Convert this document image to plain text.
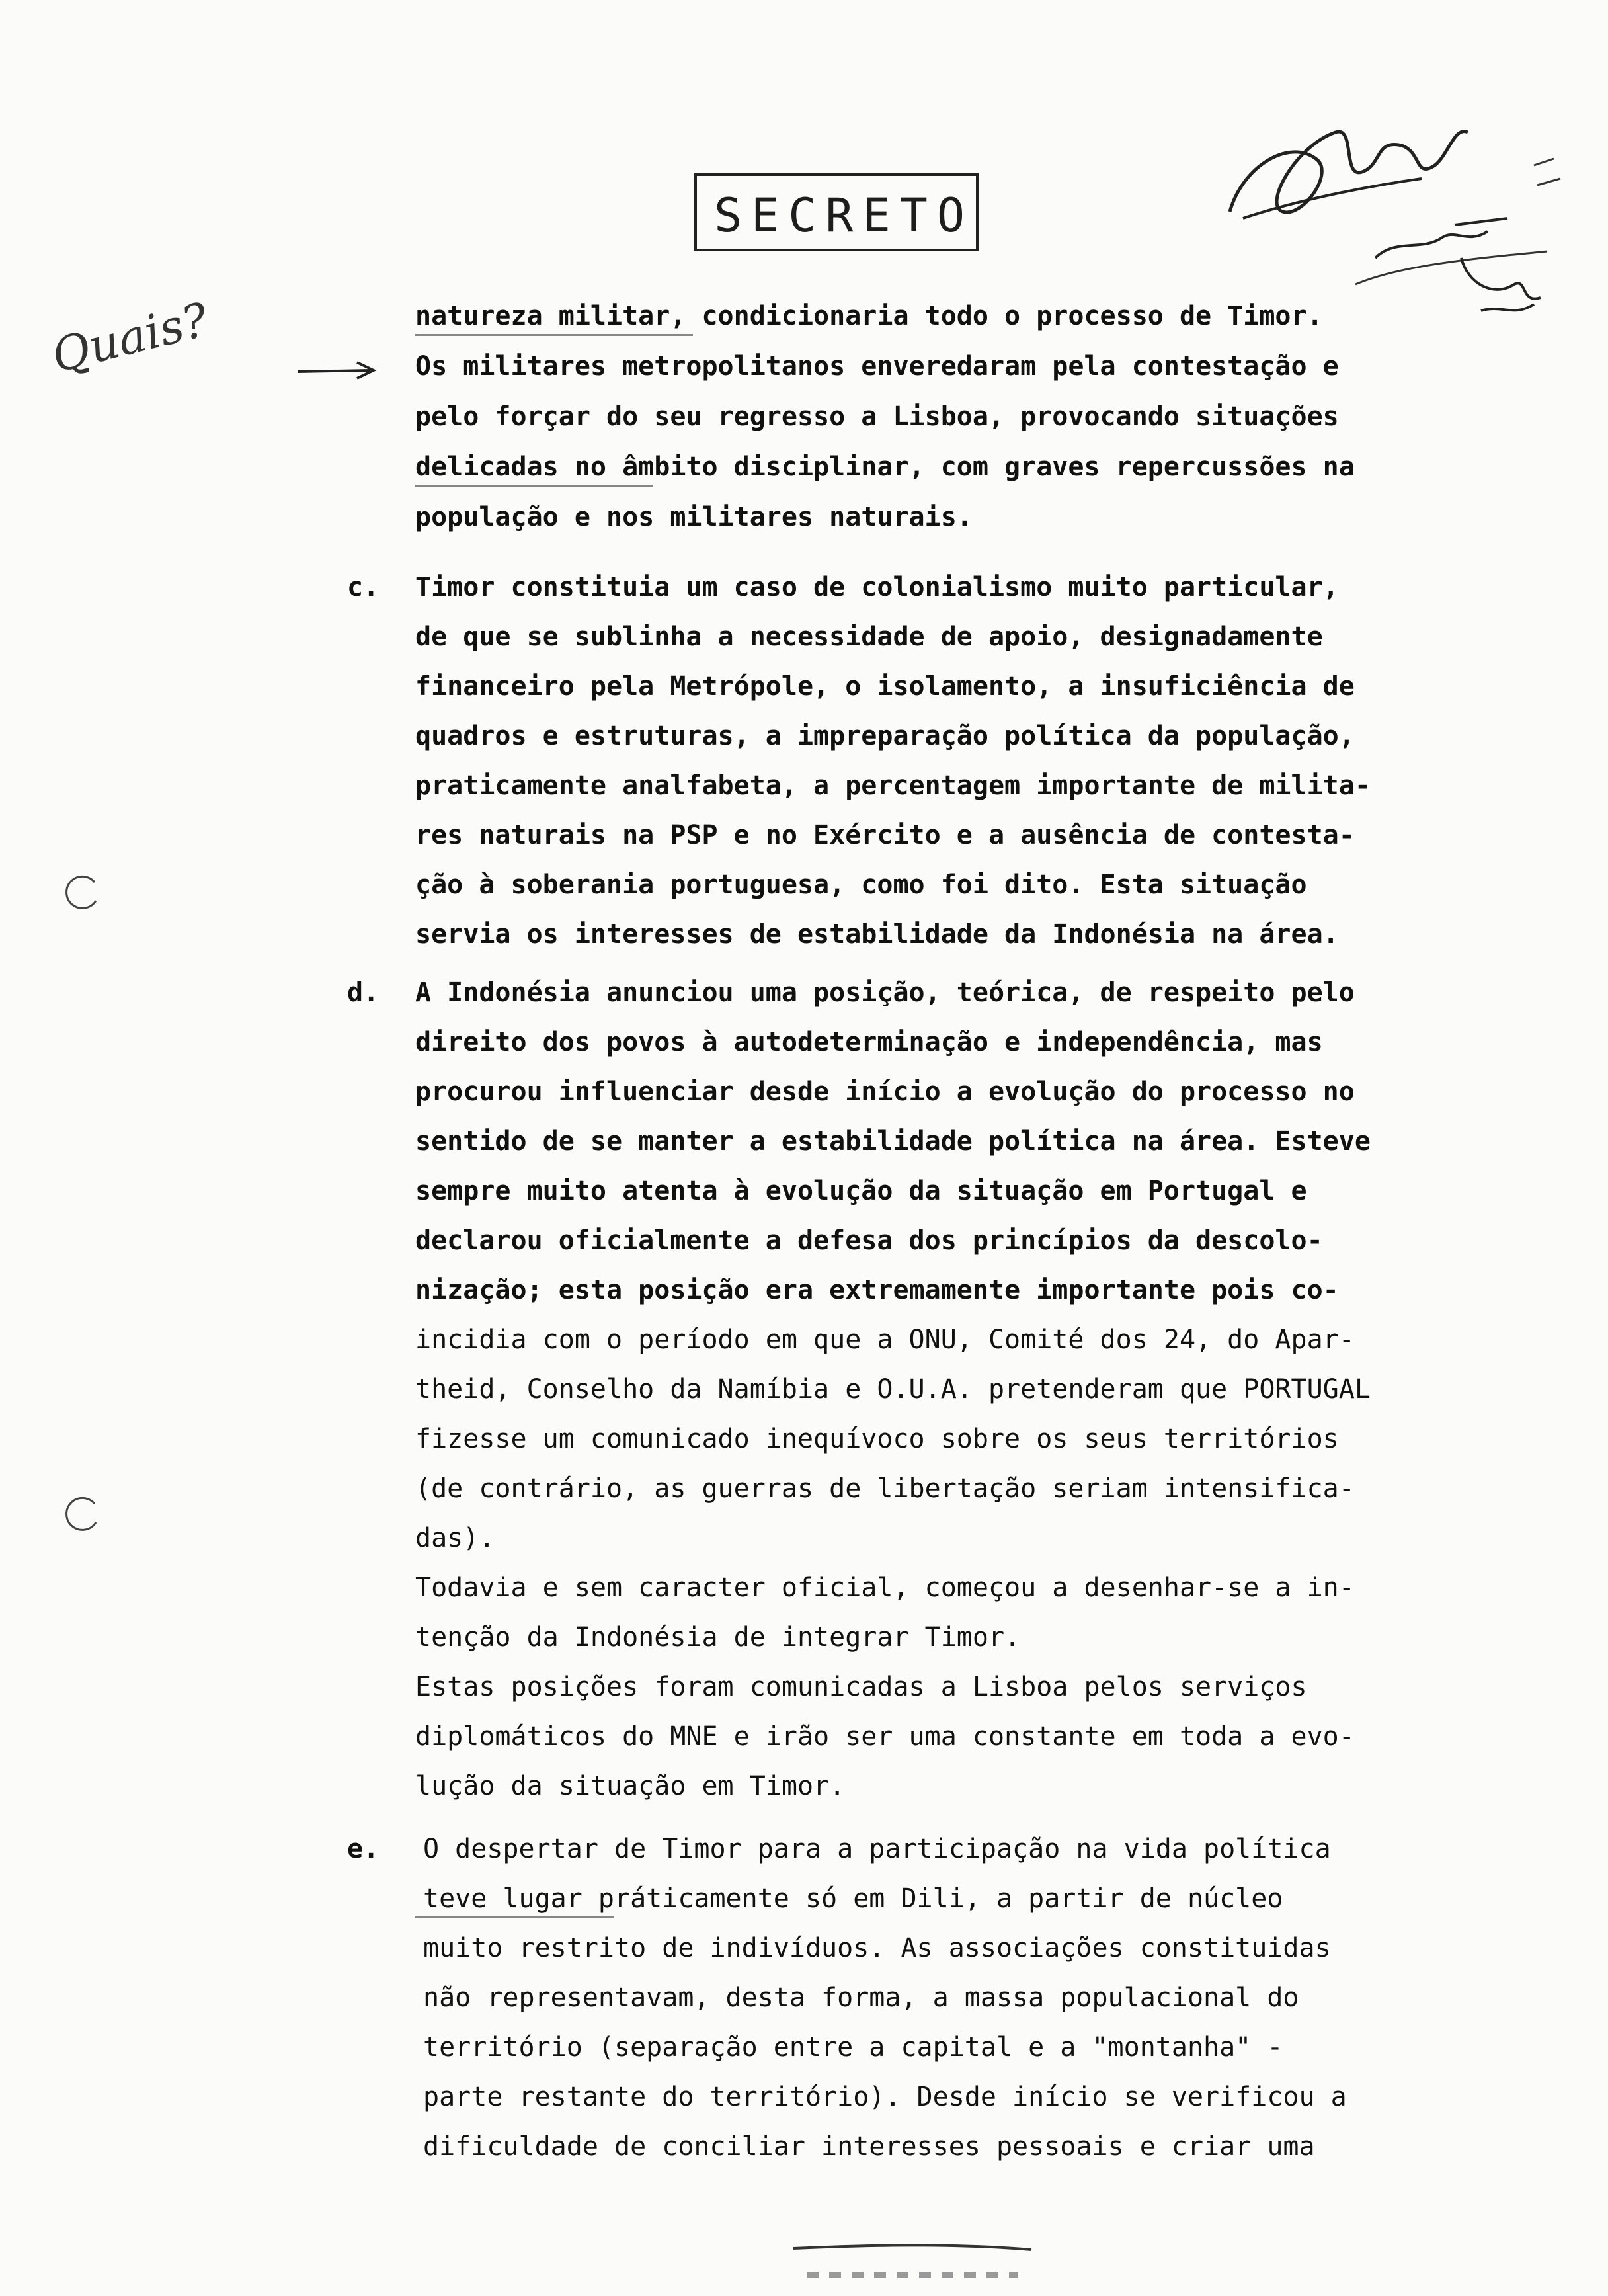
SECRETO
Quais?	natureza militar, condicionaria todo o processo de Timor.
Os militares metropolitanos enveredaram pela contestação e
pelo forçar do seu regresso a Lisboa, provocando situações
delicadas no âmbito disciplinar, com graves repercussões na
população e nos militares naturais.
c. Timor constituia um caso de colonialismo muito particular,
de que se sublinha a necessidade de apoio, designadamente
financeiro pela Metrópole, o isolamento, a insuficiência de
quadros e estruturas, a impreparação política da população,
praticamente analfabeta, a percentagem importante de milita-
res naturais na PSP e no Exército e a ausência de contesta-
ção à soberania portuguesa, como foi dito. Esta situação
servia os interesses de estabilidade da Indonésia na área.
d. A Indonésia anunciou uma posição, teórica, de respeito pelo
direito dos povos à autodeterminação e independência, mas
procurou influenciar desde início a evolução do processo no
sentido de se manter a estabilidade política na área. Esteve
sempre muito atenta à evolução da situação em Portugal e
declarou oficialmente a defesa dos princípios da descolo-
nização; esta posição era extremamente importante pois co-
incidia com o período em que a ONU, Comité dos 24, do Apar-
theid, Conselho da Namíbia e O.U.A. pretenderam que PORTUGAL
fizesse um comunicado inequívoco sobre os seus territórios
(de contrário, as guerras de libertação seriam intensifica-
das).
Todavia e sem caracter oficial, começou a desenhar-se a in-
tenção da Indonésia de integrar Timor.
Estas posições foram comunicadas a Lisboa pelos serviços
diplomáticos do MNE e irão ser uma constante em toda a evo-
lução da situação em Timor.
e. O despertar de Timor para a participação na vida política
teve lugar práticamente só em Dili, a partir de núcleo
muito restrito de indivíduos. As associações constituidas
não representavam, desta forma, a massa populacional do
território (separação entre a capital e a "montanha" -
parte restante do território). Desde início se verificou a
dificuldade de conciliar interesses pessoais e criar uma
